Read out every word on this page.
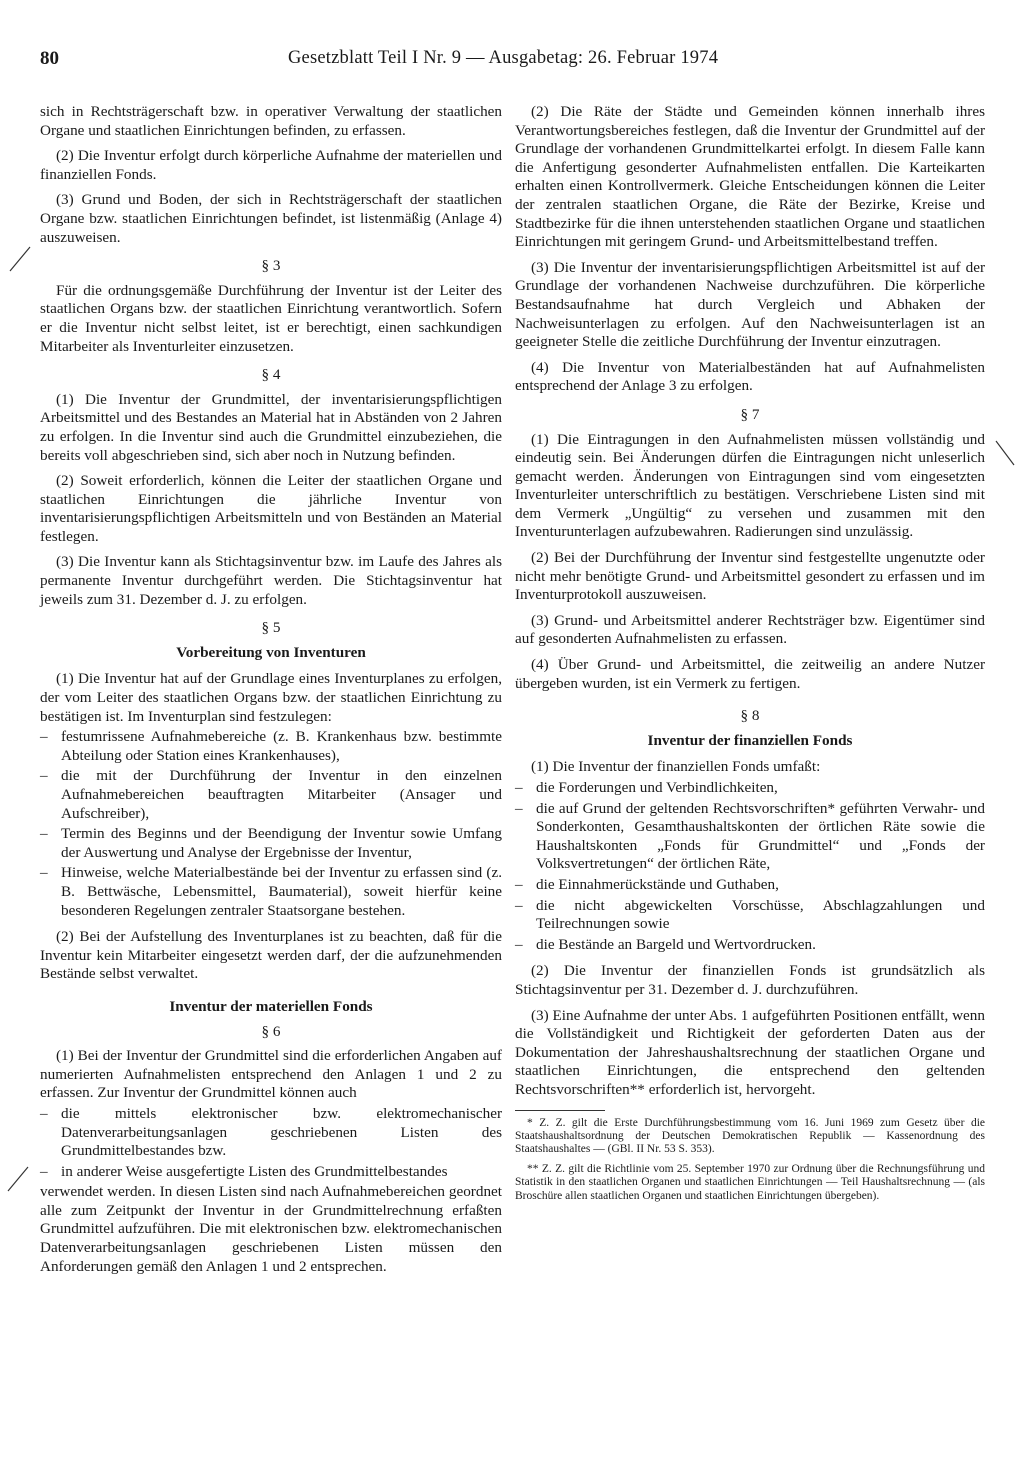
80	Gesetzblatt Teil I Nr. 9 — Ausgabetag: 26. Februar 1974

sich in Rechtsträgerschaft bzw. in operativer Verwaltung der staatlichen Organe und staatlichen Einrichtungen befinden, zu erfassen.

(2) Die Inventur erfolgt durch körperliche Aufnahme der materiellen und finanziellen Fonds.

(3) Grund und Boden, der sich in Rechtsträgerschaft der staatlichen Organe bzw. staatlichen Einrichtungen befindet, ist listenmäßig (Anlage 4) auszuweisen.

§ 3

Für die ordnungsgemäße Durchführung der Inventur ist der Leiter des staatlichen Organs bzw. der staatlichen Einrichtung verantwortlich. Sofern er die Inventur nicht selbst leitet, ist er berechtigt, einen sachkundigen Mitarbeiter als Inventurleiter einzusetzen.

§ 4

(1) Die Inventur der Grundmittel, der inventarisierungspflichtigen Arbeitsmittel und des Bestandes an Material hat in Abständen von 2 Jahren zu erfolgen. In die Inventur sind auch die Grundmittel einzubeziehen, die bereits voll abgeschrieben sind, sich aber noch in Nutzung befinden.

(2) Soweit erforderlich, können die Leiter der staatlichen Organe und staatlichen Einrichtungen die jährliche Inventur von inventarisierungspflichtigen Arbeitsmitteln und von Beständen an Material festlegen.

(3) Die Inventur kann als Stichtagsinventur bzw. im Laufe des Jahres als permanente Inventur durchgeführt werden. Die Stichtagsinventur hat jeweils zum 31. Dezember d. J. zu erfolgen.

§ 5
Vorbereitung von Inventuren

(1) Die Inventur hat auf der Grundlage eines Inventurplanes zu erfolgen, der vom Leiter des staatlichen Organs bzw. der staatlichen Einrichtung zu bestätigen ist. Im Inventurplan sind festzulegen:

– festumrissene Aufnahmebereiche (z. B. Krankenhaus bzw. bestimmte Abteilung oder Station eines Krankenhauses),
– die mit der Durchführung der Inventur in den einzelnen Aufnahmebereichen beauftragten Mitarbeiter (Ansager und Aufschreiber),
– Termin des Beginns und der Beendigung der Inventur sowie Umfang der Auswertung und Analyse der Ergebnisse der Inventur,
– Hinweise, welche Materialbestände bei der Inventur zu erfassen sind (z. B. Bettwäsche, Lebensmittel, Baumaterial), soweit hierfür keine besonderen Regelungen zentraler Staatsorgane bestehen.

(2) Bei der Aufstellung des Inventurplanes ist zu beachten, daß für die Inventur kein Mitarbeiter eingesetzt werden darf, der die aufzunehmenden Bestände selbst verwaltet.

Inventur der materiellen Fonds
§ 6

(1) Bei der Inventur der Grundmittel sind die erforderlichen Angaben auf numerierten Aufnahmelisten entsprechend den Anlagen 1 und 2 zu erfassen. Zur Inventur der Grundmittel können auch

– die mittels elektronischer bzw. elektromechanischer Datenverarbeitungsanlagen geschriebenen Listen des Grundmittelbestandes bzw.
– in anderer Weise ausgefertigte Listen des Grundmittelbestandes

verwendet werden. In diesen Listen sind nach Aufnahmebereichen geordnet alle zum Zeitpunkt der Inventur in der Grundmittelrechnung erfaßten Grundmittel aufzuführen. Die mit elektronischen bzw. elektromechanischen Datenverarbeitungsanlagen geschriebenen Listen müssen den Anforderungen gemäß den Anlagen 1 und 2 entsprechen.

(2) Die Räte der Städte und Gemeinden können innerhalb ihres Verantwortungsbereiches festlegen, daß die Inventur der Grundmittel auf der Grundlage der vorhandenen Grundmittelkartei erfolgt. In diesem Falle kann die Anfertigung gesonderter Aufnahmelisten entfallen. Die Karteikarten erhalten einen Kontrollvermerk. Gleiche Entscheidungen können die Leiter der zentralen staatlichen Organe, die Räte der Bezirke, Kreise und Stadtbezirke für die ihnen unterstehenden staatlichen Organe und staatlichen Einrichtungen mit geringem Grund- und Arbeitsmittelbestand treffen.

(3) Die Inventur der inventarisierungspflichtigen Arbeitsmittel ist auf der Grundlage der vorhandenen Nachweise durchzuführen. Die körperliche Bestandsaufnahme hat durch Vergleich und Abhaken der Nachweisunterlagen zu erfolgen. Auf den Nachweisunterlagen ist an geeigneter Stelle die zeitliche Durchführung der Inventur einzutragen.

(4) Die Inventur von Materialbeständen hat auf Aufnahmelisten entsprechend der Anlage 3 zu erfolgen.

§ 7

(1) Die Eintragungen in den Aufnahmelisten müssen vollständig und eindeutig sein. Bei Änderungen dürfen die Eintragungen nicht unleserlich gemacht werden. Änderungen von Eintragungen sind vom eingesetzten Inventurleiter unterschriftlich zu bestätigen. Verschriebene Listen sind mit dem Vermerk „Ungültig“ zu versehen und zusammen mit den Inventurunterlagen aufzubewahren. Radierungen sind unzulässig.

(2) Bei der Durchführung der Inventur sind festgestellte ungenutzte oder nicht mehr benötigte Grund- und Arbeitsmittel gesondert zu erfassen und im Inventurprotokoll auszuweisen.

(3) Grund- und Arbeitsmittel anderer Rechtsträger bzw. Eigentümer sind auf gesonderten Aufnahmelisten zu erfassen.

(4) Über Grund- und Arbeitsmittel, die zeitweilig an andere Nutzer übergeben wurden, ist ein Vermerk zu fertigen.

§ 8
Inventur der finanziellen Fonds

(1) Die Inventur der finanziellen Fonds umfaßt:

– die Forderungen und Verbindlichkeiten,
– die auf Grund der geltenden Rechtsvorschriften* geführten Verwahr- und Sonderkonten, Gesamthaushaltskonten der örtlichen Räte sowie die Haushaltskonten „Fonds für Grundmittel“ und „Fonds der Volksvertretungen“ der örtlichen Räte,
– die Einnahmerückstände und Guthaben,
– die nicht abgewickelten Vorschüsse, Abschlagzahlungen und Teilrechnungen sowie
– die Bestände an Bargeld und Wertvordrucken.

(2) Die Inventur der finanziellen Fonds ist grundsätzlich als Stichtagsinventur per 31. Dezember d. J. durchzuführen.

(3) Eine Aufnahme der unter Abs. 1 aufgeführten Positionen entfällt, wenn die Vollständigkeit und Richtigkeit der geforderten Daten aus der Dokumentation der Jahreshaushaltsrechnung der staatlichen Organe und staatlichen Einrichtungen, die entsprechend den geltenden Rechtsvorschriften** erforderlich ist, hervorgeht.

* Z. Z. gilt die Erste Durchführungsbestimmung vom 16. Juni 1969 zum Gesetz über die Staatshaushaltsordnung der Deutschen Demokratischen Republik — Kassenordnung des Staatshaushaltes — (GBl. II Nr. 53 S. 353).

** Z. Z. gilt die Richtlinie vom 25. September 1970 zur Ordnung über die Rechnungsführung und Statistik in den staatlichen Organen und staatlichen Einrichtungen — Teil Haushaltsrechnung — (als Broschüre allen staatlichen Organen und staatlichen Einrichtungen übergeben).
